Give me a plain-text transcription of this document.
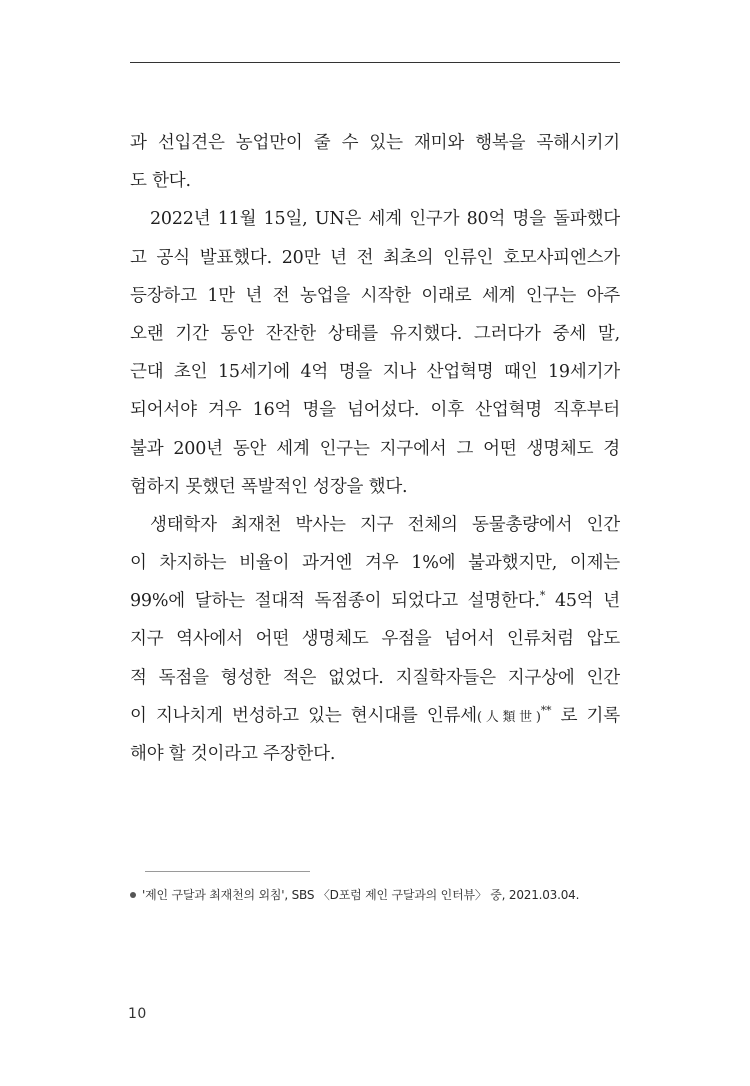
과 선입견은 농업만이 줄 수 있는 재미와 행복을 곡해시키기
도 한다.
2022년 11월 15일, UN은 세계 인구가 80억 명을 돌파했다
고 공식 발표했다. 20만 년 전 최초의 인류인 호모사피엔스가
등장하고 1만 년 전 농업을 시작한 이래로 세계 인구는 아주
오랜 기간 동안 잔잔한 상태를 유지했다. 그러다가 중세 말,
근대 초인 15세기에 4억 명을 지나 산업혁명 때인 19세기가
되어서야 겨우 16억 명을 넘어섰다. 이후 산업혁명 직후부터
불과 200년 동안 세계 인구는 지구에서 그 어떤 생명체도 경
험하지 못했던 폭발적인 성장을 했다.
생태학자 최재천 박사는 지구 전체의 동물총량에서 인간
이 차지하는 비율이 과거엔 겨우 1%에 불과했지만, 이제는
99%에 달하는 절대적 독점종이 되었다고 설명한다.* 45억 년
지구 역사에서 어떤 생명체도 우점을 넘어서 인류처럼 압도
적 독점을 형성한 적은 없었다. 지질학자들은 지구상에 인간
이 지나치게 번성하고 있는 현시대를 인류세(人類世)** 로 기록
해야 할 것이라고 주장한다.
'제인 구달과 최재천의 외침', SBS 〈D포럼 제인 구달과의 인터뷰〉 중, 2021.03.04.
10
